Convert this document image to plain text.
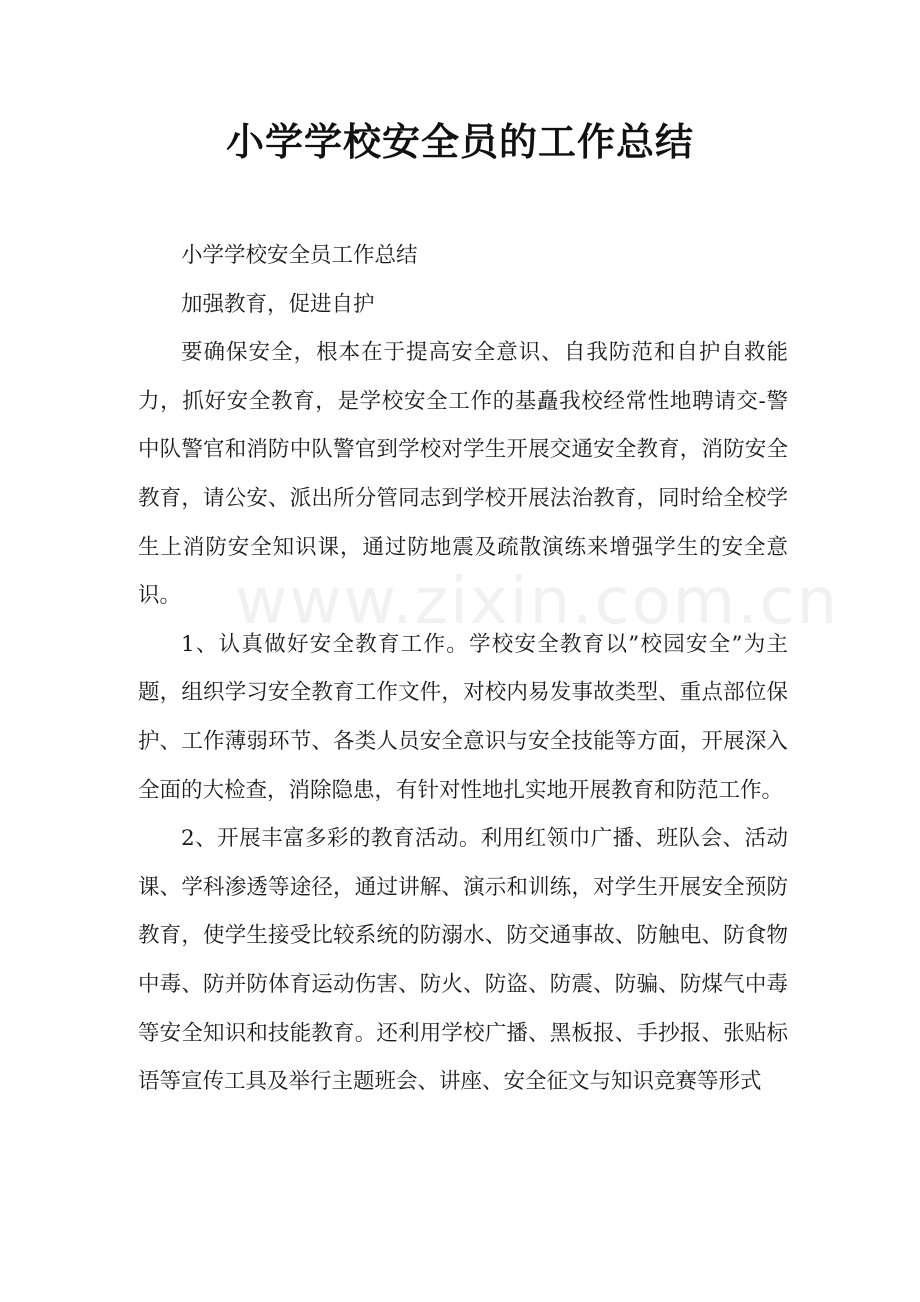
小学学校安全员的工作总结

小学学校安全员工作总结

加强教育，促进自护

要确保安全，根本在于提高安全意识、自我防范和自护自救能力，抓好安全教育，是学校安全工作的基矗我校经常性地聘请交-警中队警官和消防中队警官到学校对学生开展交通安全教育，消防安全教育，请公安、派出所分管同志到学校开展法治教育，同时给全校学生上消防安全知识课，通过防地震及疏散演练来增强学生的安全意识。

1、认真做好安全教育工作。学校安全教育以”校园安全”为主题，组织学习安全教育工作文件，对校内易发事故类型、重点部位保护、工作薄弱环节、各类人员安全意识与安全技能等方面，开展深入全面的大检查，消除隐患，有针对性地扎实地开展教育和防范工作。

2、开展丰富多彩的教育活动。利用红领巾广播、班队会、活动课、学科渗透等途径，通过讲解、演示和训练，对学生开展安全预防教育，使学生接受比较系统的防溺水、防交通事故、防触电、防食物中毒、防并防体育运动伤害、防火、防盗、防震、防骗、防煤气中毒等安全知识和技能教育。还利用学校广播、黑板报、手抄报、张贴标语等宣传工具及举行主题班会、讲座、安全征文与知识竞赛等形式

www.zixin.com.cn
